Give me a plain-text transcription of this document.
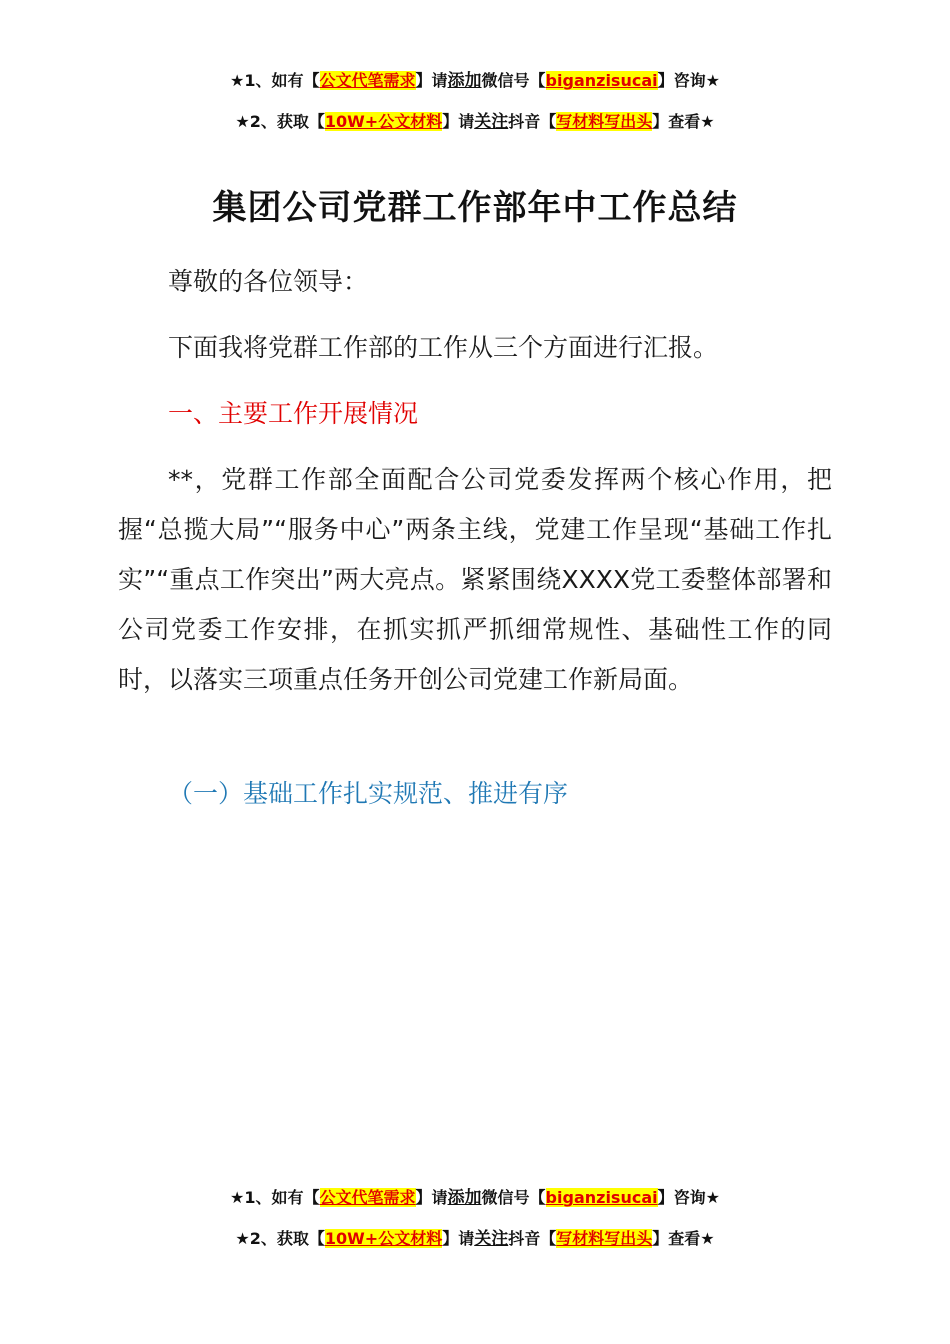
★1、如有【公文代笔需求】请添加微信号【biganzisucai】咨询★
★2、获取【10W+公文材料】请关注抖音【写材料写出头】查看★
集团公司党群工作部年中工作总结
尊敬的各位领导：
下面我将党群工作部的工作从三个方面进行汇报。
一、主要工作开展情况
**，党群工作部全面配合公司党委发挥两个核心作用，把握“总揽大局”“服务中心”两条主线，党建工作呈现“基础工作扎实”“重点工作突出”两大亮点。紧紧围绕XXXX党工委整体部署和公司党委工作安排，在抓实抓严抓细常规性、基础性工作的同时，以落实三项重点任务开创公司党建工作新局面。
（一）基础工作扎实规范、推进有序
★1、如有【公文代笔需求】请添加微信号【biganzisucai】咨询★
★2、获取【10W+公文材料】请关注抖音【写材料写出头】查看★
